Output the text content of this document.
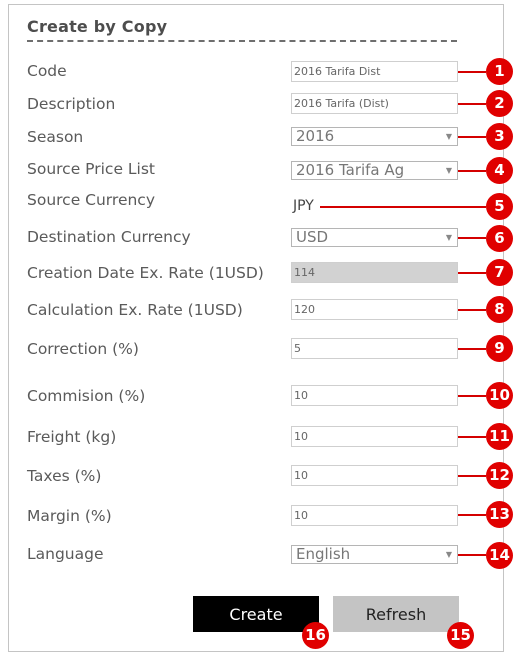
Create by Copy
Code	2016 Tarifa Dist	1
Description	2016 Tarifa (Dist)	2
Season	2016	▼	3
Source Price List	2016 Tarifa Ag	▼	4
Source Currency	JPY	5
Destination Currency	USD	▼	6
Creation Date Ex. Rate (1USD)	114	7
Calculation Ex. Rate (1USD)	120	8
Correction (%)	5	9
Commision (%)	10	10
Freight (kg)	10	11
Taxes (%)	10	12
Margin (%)	10	13
Language	English	▼ 14
Create	Refresh
16	15
